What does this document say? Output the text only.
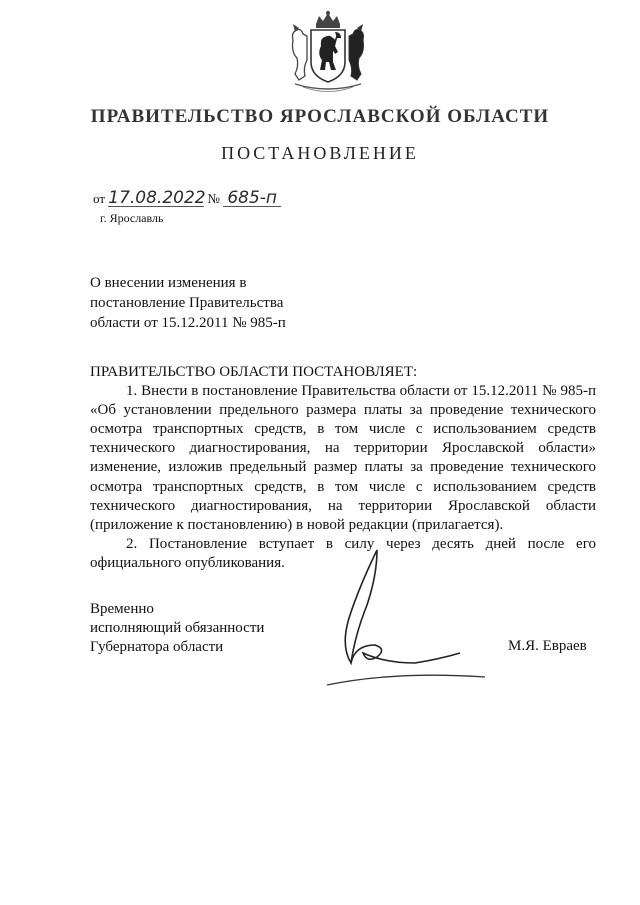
ПРАВИТЕЛЬСТВО ЯРОСЛАВСКОЙ ОБЛАСТИ
ПОСТАНОВЛЕНИЕ
от 17.08.2022 № 685-п
г. Ярославль
О внесении изменения в постановление Правительства области от 15.12.2011 № 985-п

ПРАВИТЕЛЬСТВО ОБЛАСТИ ПОСТАНОВЛЯЕТ:

1. Внести в постановление Правительства области от 15.12.2011 № 985-п «Об установлении предельного размера платы за проведение технического осмотра транспортных средств, в том числе с использованием средств технического диагностирования, на территории Ярославской области» изменение, изложив предельный размер платы за проведение технического осмотра транспортных средств, в том числе с использованием средств технического диагностирования, на территории Ярославской области (приложение к постановлению) в новой редакции (прилагается).

2. Постановление вступает в силу через десять дней после его официального опубликования.

Временно
исполняющий обязанности
Губернатора области	М.Я. Евраев
